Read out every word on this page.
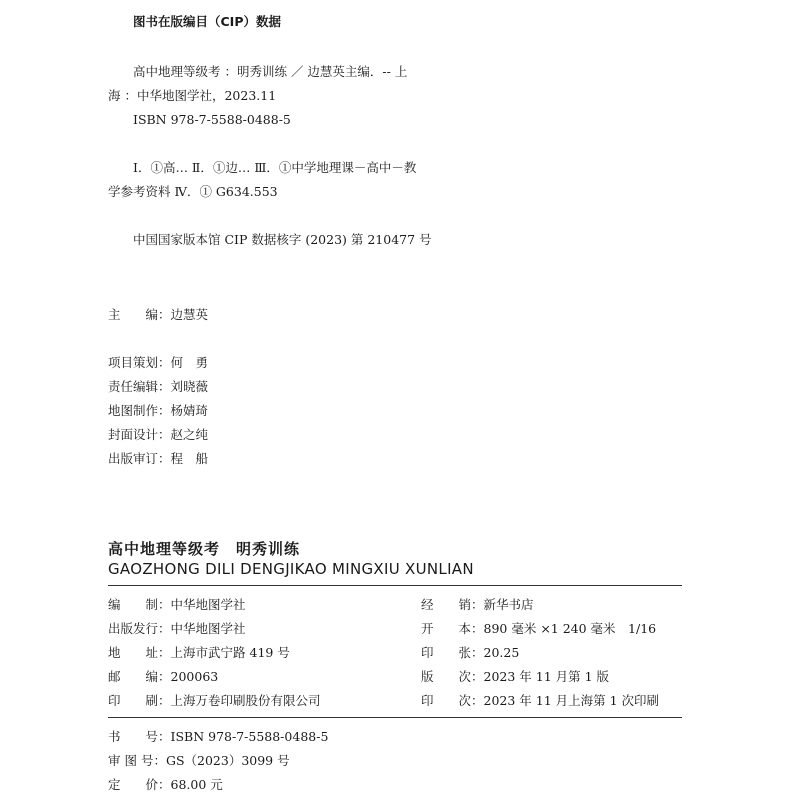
图书在版编目（CIP）数据
高中地理等级考 ：明秀训练 ／ 边慧英主编．-- 上
海 ：中华地图学社，2023.11
ISBN 978-7-5588-0488-5
Ⅰ．①高… Ⅱ．①边… Ⅲ．①中学地理课－高中－教
学参考资料 Ⅳ．① G634.553
中国国家版本馆 CIP 数据核字 (2023) 第 210477 号
主　　编：边慧英
项目策划：何　勇
责任编辑：刘晓薇
地图制作：杨婧琦
封面设计：赵之纯
出版审订：程　船
高中地理等级考　明秀训练
GAOZHONG DILI DENGJIKAO MINGXIU XUNLIAN
编　　制：中华地图学社
出版发行：中华地图学社
地　　址：上海市武宁路 419 号
邮　　编：200063
印　　刷：上海万卷印刷股份有限公司
经　　销：新华书店
开　　本：890 毫米 ×1 240 毫米　1/16
印　　张：20.25
版　　次：2023 年 11 月第 1 版
印　　次：2023 年 11 月上海第 1 次印刷
书　　号：ISBN 978-7-5588-0488-5
审 图 号：GS（2023）3099 号
定　　价：68.00 元
